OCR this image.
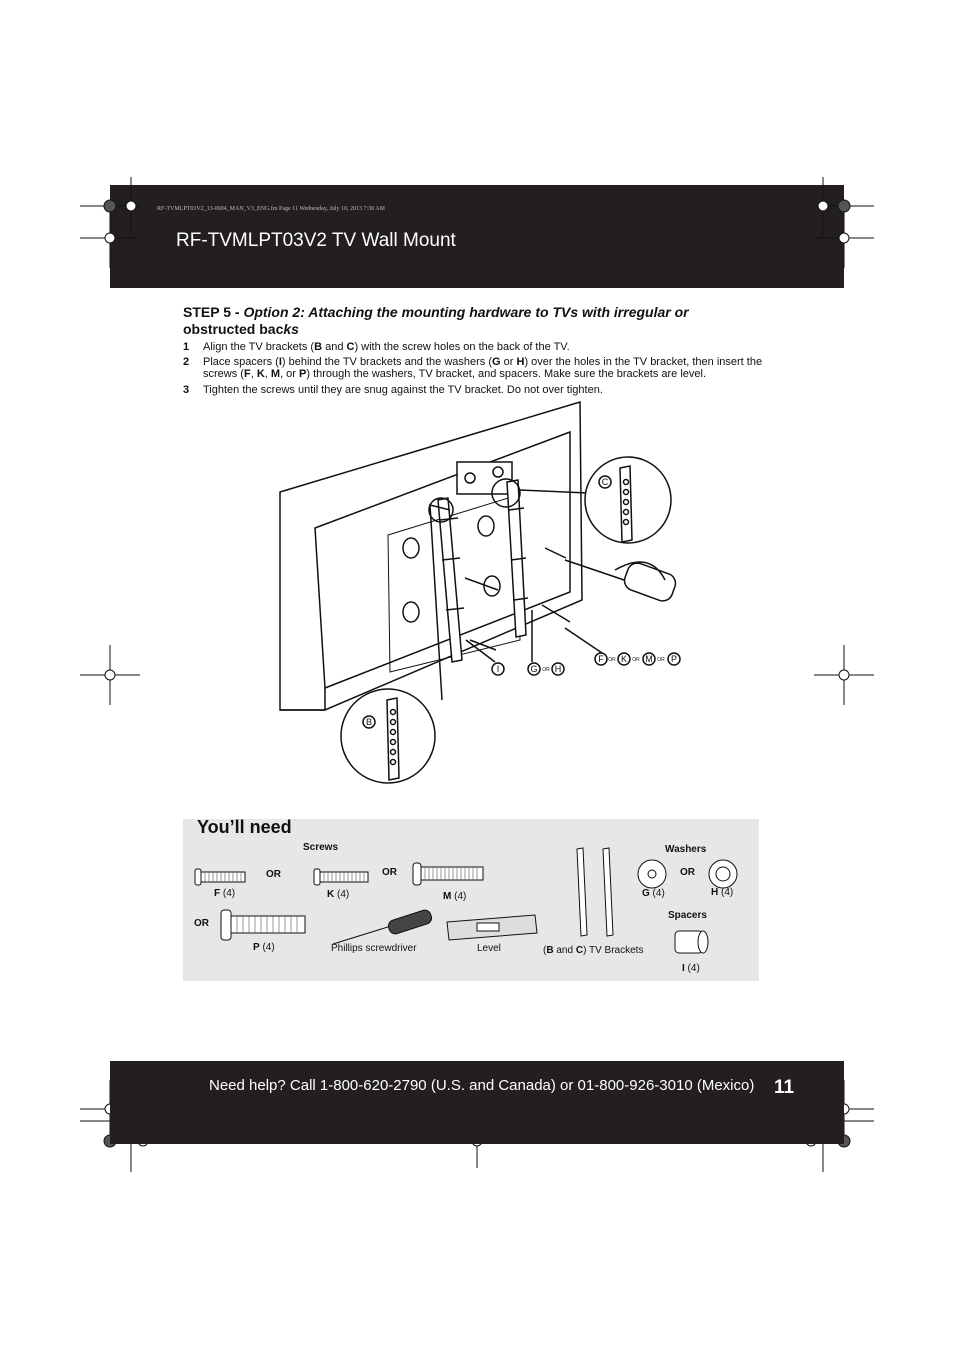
RF-TVMLPT03V2_13-0604_MAN_V3_ENG.fm Page 11 Wednesday, July 10, 2013 7:30 AM
RF-TVMLPT03V2 TV Wall Mount
STEP 5 - Option 2: Attaching the mounting hardware to TVs with irregular or
obstructed backs
1 Align the TV brackets (B and C) with the screw holes on the back of the TV.
2 Place spacers (I) behind the TV brackets and the washers (G or H) over the holes in the TV bracket, then insert the screws (F, K, M, or P) through the washers, TV bracket, and spacers. Make sure the brackets are level.
3 Tighten the screws until they are snug against the TV bracket. Do not over tighten.
I	G OR H
F OR K OR M OR P
C
B
You’ll need
Screws	Washers
Spacers
OR	OR
OR
OR
F (4)	K (4)	M (4)
P (4)	Phillips screwdriver	Level	(B and C) TV Brackets
G (4)	H (4)
I (4)
Need help? Call 1-800-620-2790 (U.S. and Canada) or 01-800-926-3010 (Mexico) 11
